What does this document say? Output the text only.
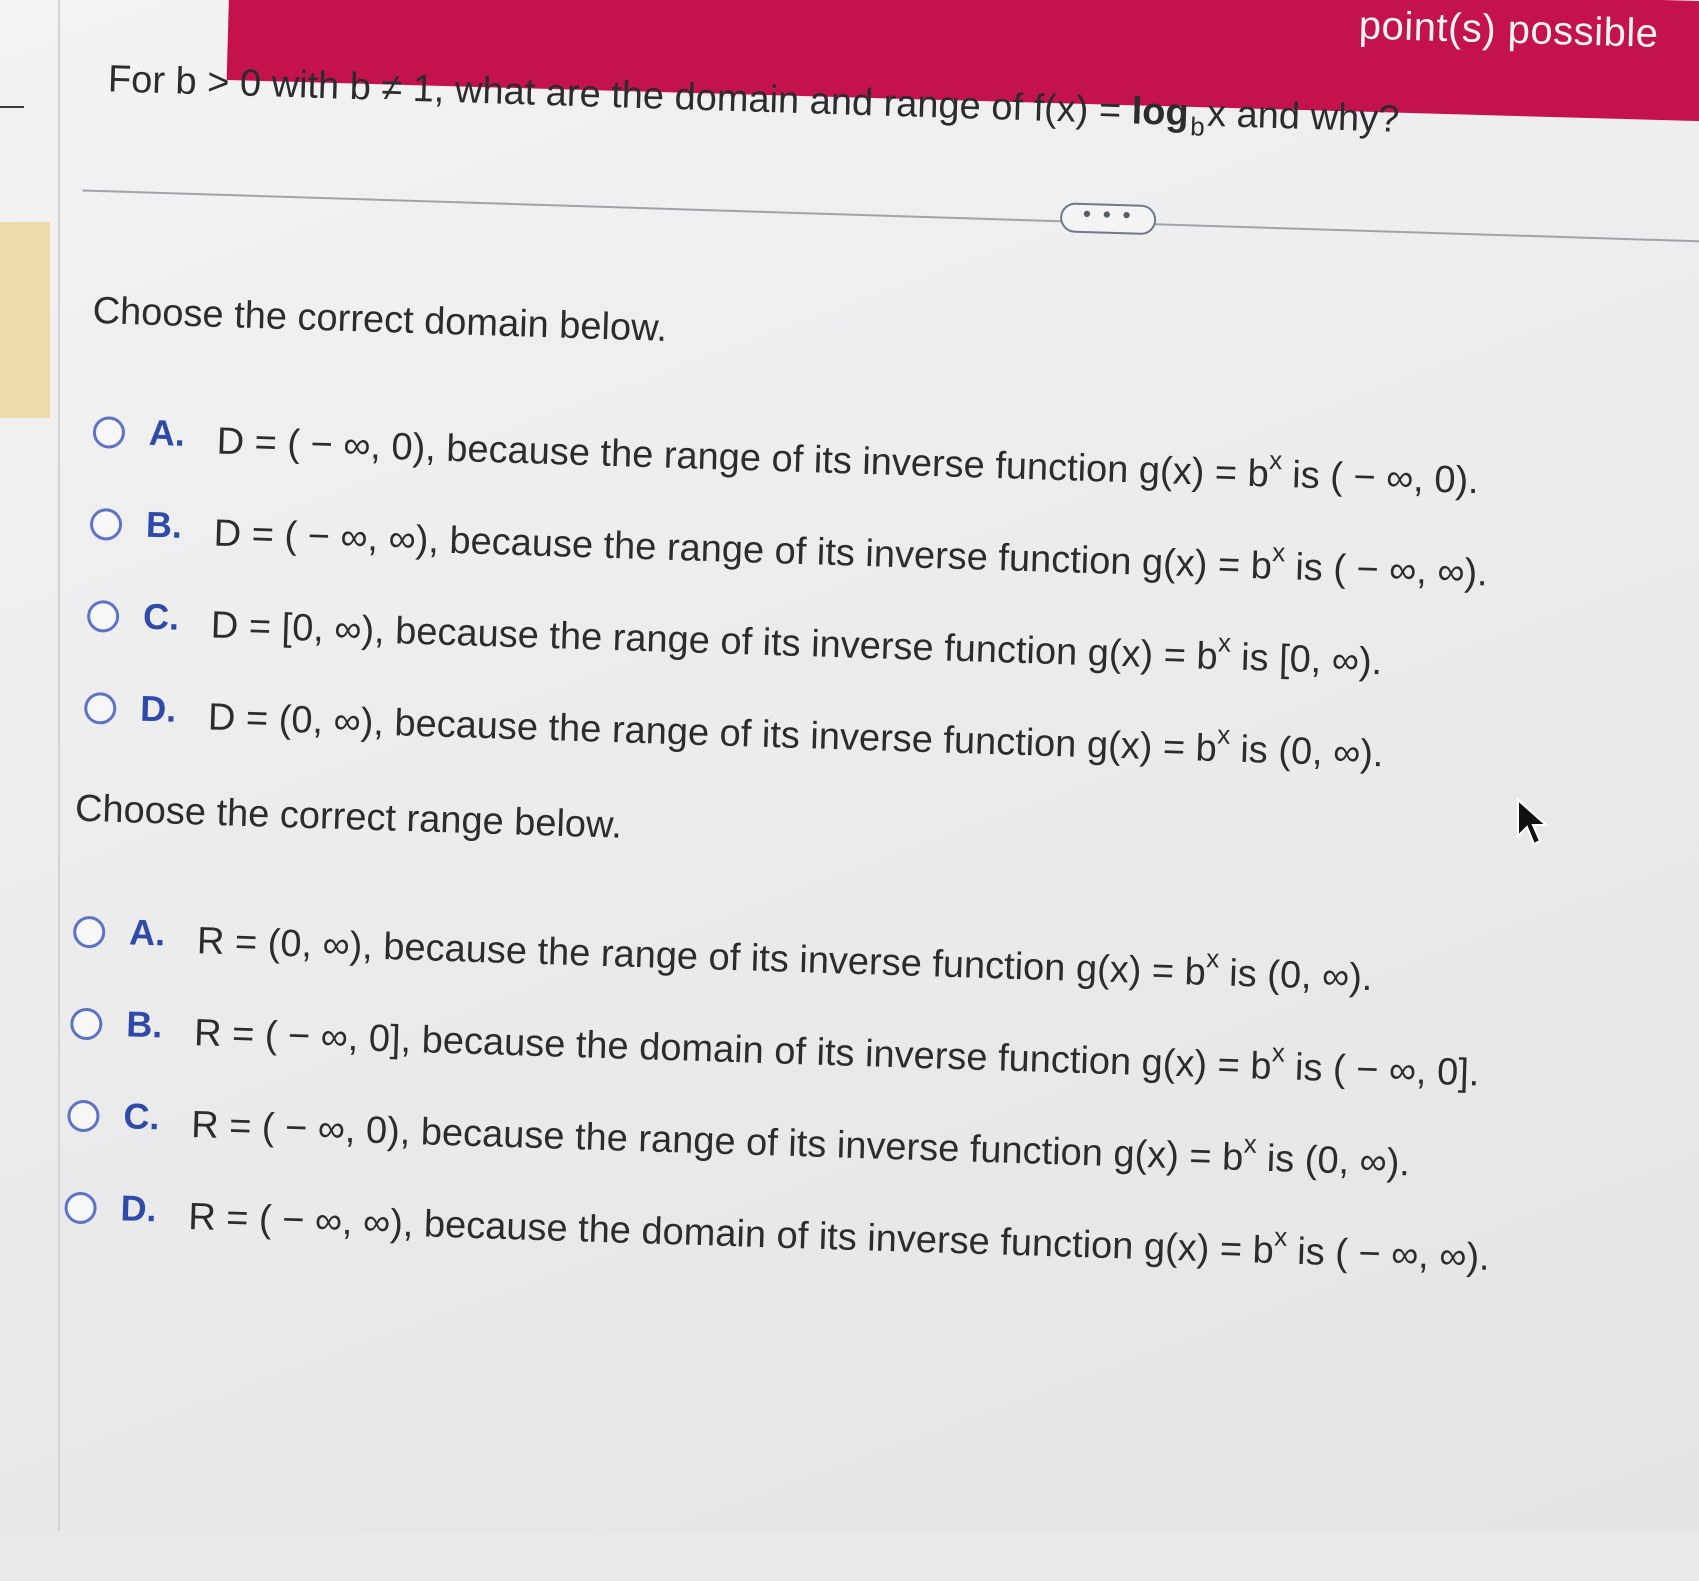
point(s) possible
For b > 0 with b ≠ 1, what are the domain and range of $f(x) = \log_bx$ and why?
• • •
Choose the correct domain below.
A. D = ( − ∞, 0), because the range of its inverse function $g(x) = b^x$ is ( − ∞, 0).
B. D = ( − ∞, ∞), because the range of its inverse function $g(x) = b^x$ is ( − ∞, ∞).
C. D = [0, ∞), because the range of its inverse function $g(x) = b^x$ is [0, ∞).
D. D = (0, ∞), because the range of its inverse function $g(x) = b^x$ is (0, ∞).
Choose the correct range below.
A. R = (0, ∞), because the range of its inverse function $g(x) = b^x$ is (0, ∞).
B. R = ( − ∞, 0], because the domain of its inverse function $g(x) = b^x$ is ( − ∞, 0].
C. R = ( − ∞, 0), because the range of its inverse function $g(x) = b^x$ is (0, ∞).
D. R = ( − ∞, ∞), because the domain of its inverse function $g(x) = b^x$ is ( − ∞, ∞).
